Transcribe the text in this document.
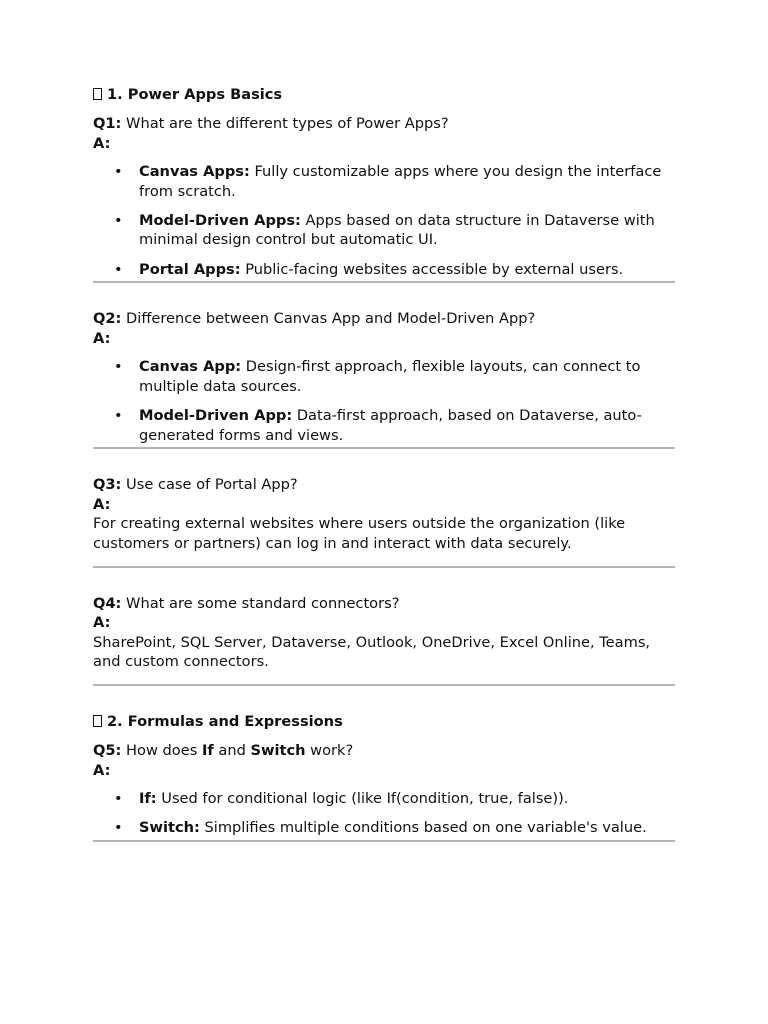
1. Power Apps Basics

Q1: What are the different types of Power Apps?

A:

• Canvas Apps: Fully customizable apps where you design the interface from scratch.
• Model-Driven Apps: Apps based on data structure in Dataverse with minimal design control but automatic UI.
• Portal Apps: Public-facing websites accessible by external users.

Q2: Difference between Canvas App and Model-Driven App?

A:

• Canvas App: Design-first approach, flexible layouts, can connect to multiple data sources.
• Model-Driven App: Data-first approach, based on Dataverse, auto-generated forms and views.

Q3: Use case of Portal App?

A:

For creating external websites where users outside the organization (like customers or partners) can log in and interact with data securely.

Q4: What are some standard connectors?

A:

SharePoint, SQL Server, Dataverse, Outlook, OneDrive, Excel Online, Teams, and custom connectors.

2. Formulas and Expressions

Q5: How does If and Switch work?

A:

• If: Used for conditional logic (like If(condition, true, false)).
• Switch: Simplifies multiple conditions based on one variable's value.
